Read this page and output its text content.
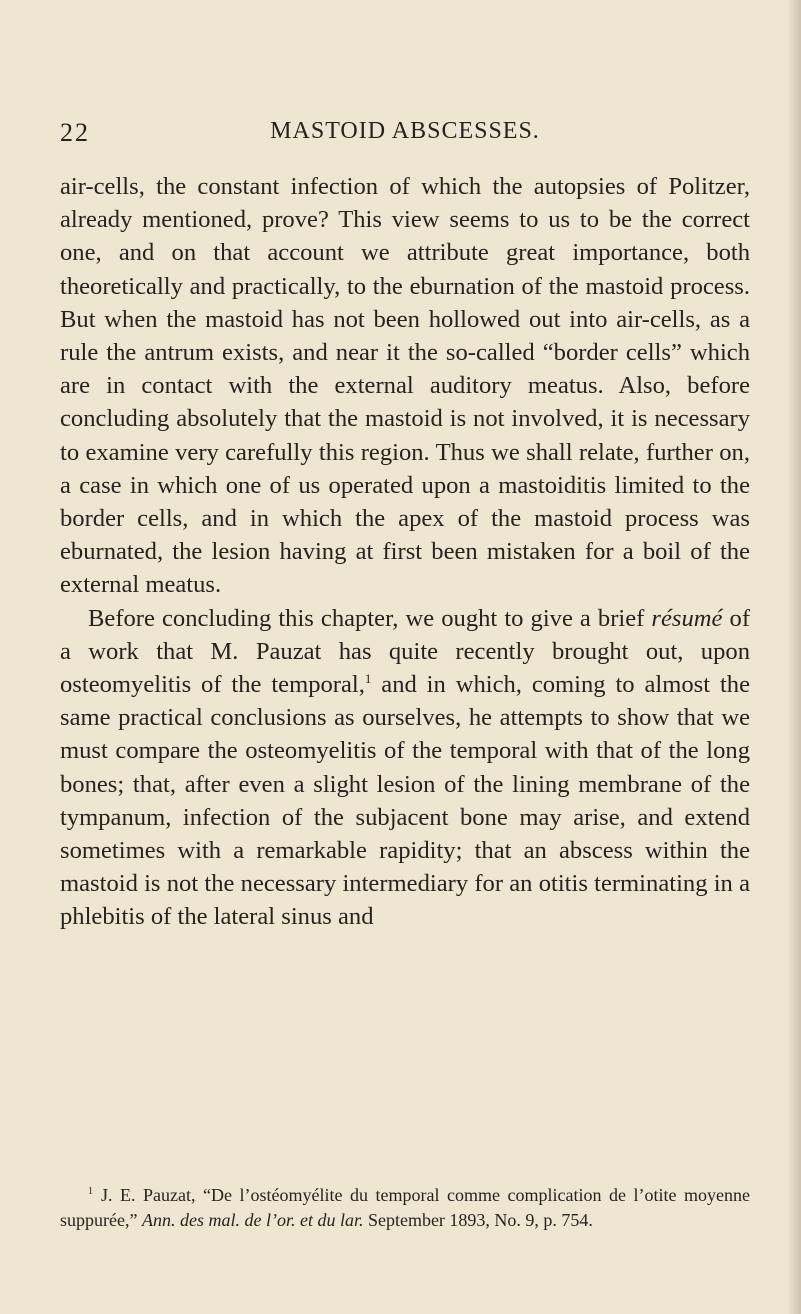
22	MASTOID ABSCESSES.

air-cells, the constant infection of which the autopsies of Politzer, already mentioned, prove? This view seems to us to be the correct one, and on that account we attribute great importance, both theoretically and practically, to the eburnation of the mastoid process. But when the mastoid has not been hollowed out into air-cells, as a rule the antrum exists, and near it the so-called “border cells” which are in contact with the external auditory meatus. Also, before concluding absolutely that the mastoid is not involved, it is necessary to examine very carefully this region. Thus we shall relate, further on, a case in which one of us operated upon a mastoiditis limited to the border cells, and in which the apex of the mastoid process was eburnated, the lesion having at first been mistaken for a boil of the external meatus.

Before concluding this chapter, we ought to give a brief résumé of a work that M. Pauzat has quite recently brought out, upon osteomyelitis of the temporal,$^1$ and in which, coming to almost the same practical conclusions as ourselves, he attempts to show that we must compare the osteomyelitis of the temporal with that of the long bones; that, after even a slight lesion of the lining membrane of the tympanum, infection of the subjacent bone may arise, and extend sometimes with a remarkable rapidity; that an abscess within the mastoid is not the necessary intermediary for an otitis terminating in a phlebitis of the lateral sinus and

$^1$ J. E. Pauzat, “De l’ostéomyélite du temporal comme complication de l’otite moyenne suppurée,” Ann. des mal. de l’or. et du lar. September 1893, No. 9, p. 754.
